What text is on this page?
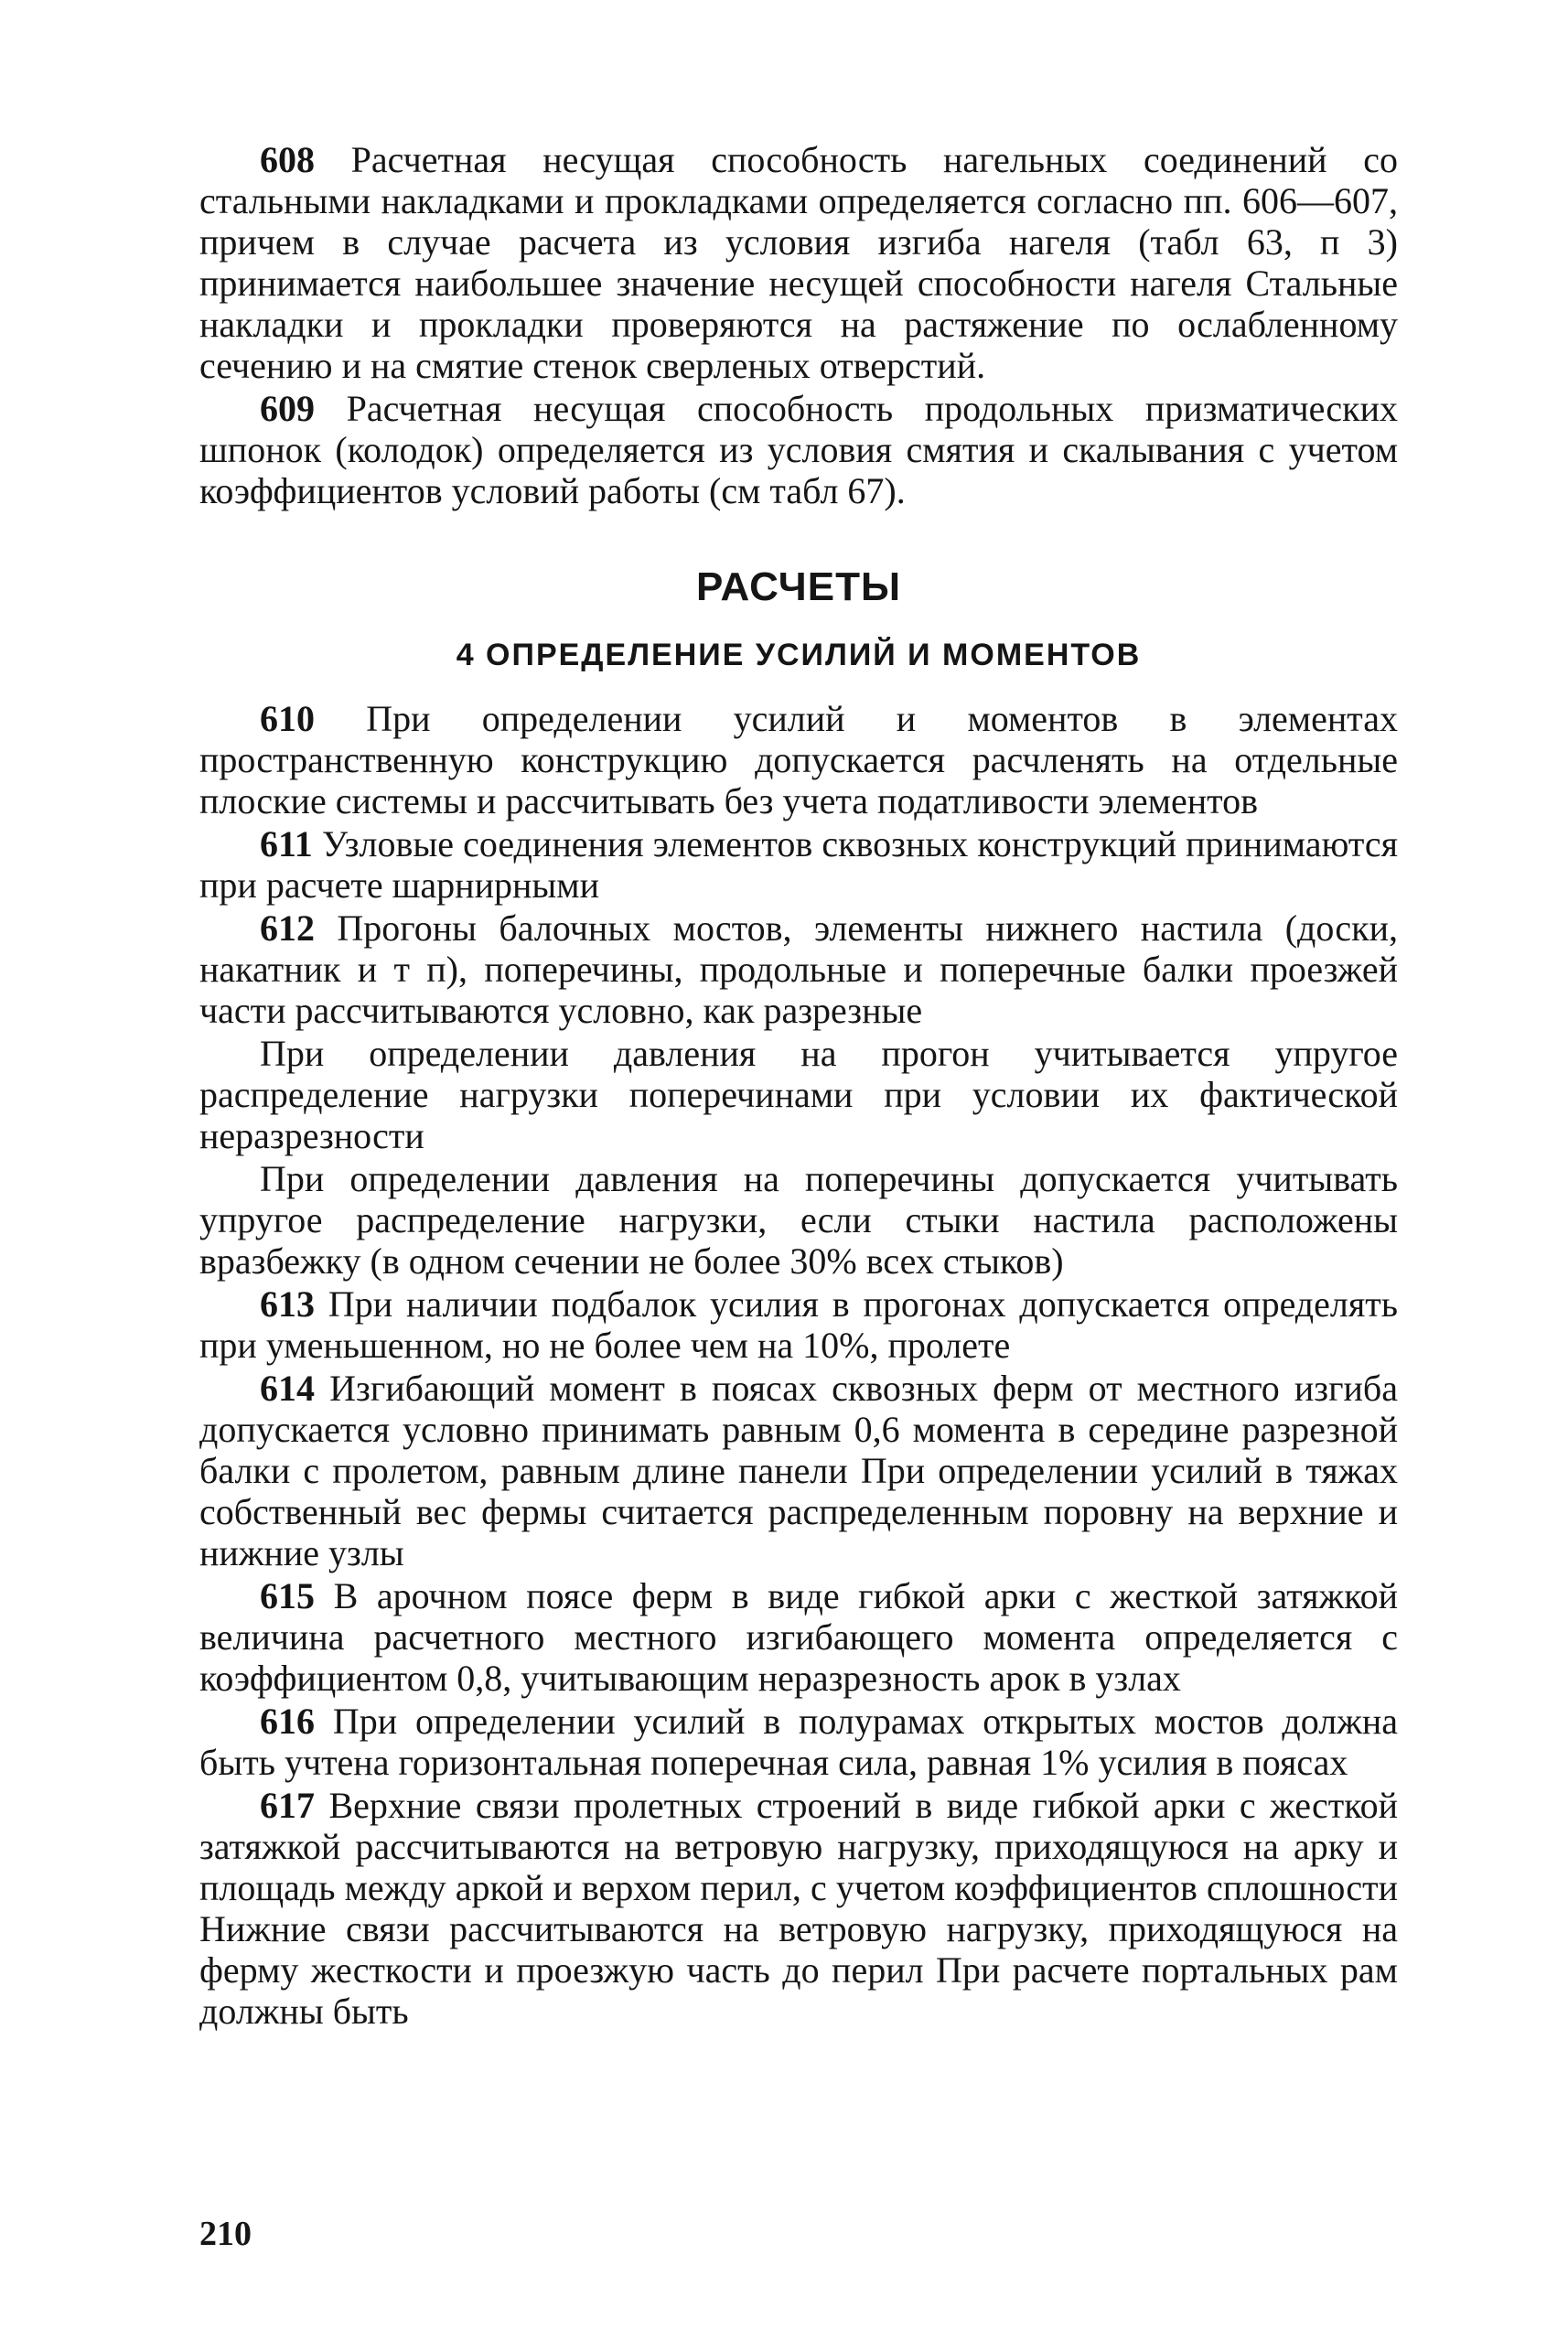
608 Расчетная несущая способность нагельных соединений со стальными накладками и прокладками определяется согласно пп. 606—607, причем в случае расчета из условия изгиба нагеля (табл 63, п 3) принимается наибольшее значение несущей способности нагеля Стальные накладки и прокладки проверяются на растяжение по ослабленному сечению и на смятие стенок сверленых отверстий.

609 Расчетная несущая способность продольных призматических шпонок (колодок) определяется из условия смятия и скалывания с учетом коэффициентов условий работы (см табл 67).

РАСЧЕТЫ
4 ОПРЕДЕЛЕНИЕ УСИЛИЙ И МОМЕНТОВ

610 При определении усилий и моментов в элементах пространственную конструкцию допускается расчленять на отдельные плоские системы и рассчитывать без учета податливости элементов

611 Узловые соединения элементов сквозных конструкций принимаются при расчете шарнирными

612 Прогоны балочных мостов, элементы нижнего настила (доски, накатник и т п), поперечины, продольные и поперечные балки проезжей части рассчитываются условно, как разрезные

При определении давления на прогон учитывается упругое распределение нагрузки поперечинами при условии их фактической неразрезности

При определении давления на поперечины допускается учитывать упругое распределение нагрузки, если стыки настила расположены вразбежку (в одном сечении не более 30% всех стыков)

613 При наличии подбалок усилия в прогонах допускается определять при уменьшенном, но не более чем на 10%, пролете

614 Изгибающий момент в поясах сквозных ферм от местного изгиба допускается условно принимать равным 0,6 момента в середине разрезной балки с пролетом, равным длине панели При определении усилий в тяжах собственный вес фермы считается распределенным поровну на верхние и нижние узлы

615 В арочном поясе ферм в виде гибкой арки с жесткой затяжкой величина расчетного местного изгибающего момента определяется с коэффициентом 0,8, учитывающим неразрезность арок в узлах

616 При определении усилий в полурамах открытых мостов должна быть учтена горизонтальная поперечная сила, равная 1% усилия в поясах

617 Верхние связи пролетных строений в виде гибкой арки с жесткой затяжкой рассчитываются на ветровую нагрузку, приходящуюся на арку и площадь между аркой и верхом перил, с учетом коэффициентов сплошности Нижние связи рассчитываются на ветровую нагрузку, приходящуюся на ферму жесткости и проезжую часть до перил При расчете портальных рам должны быть

210
